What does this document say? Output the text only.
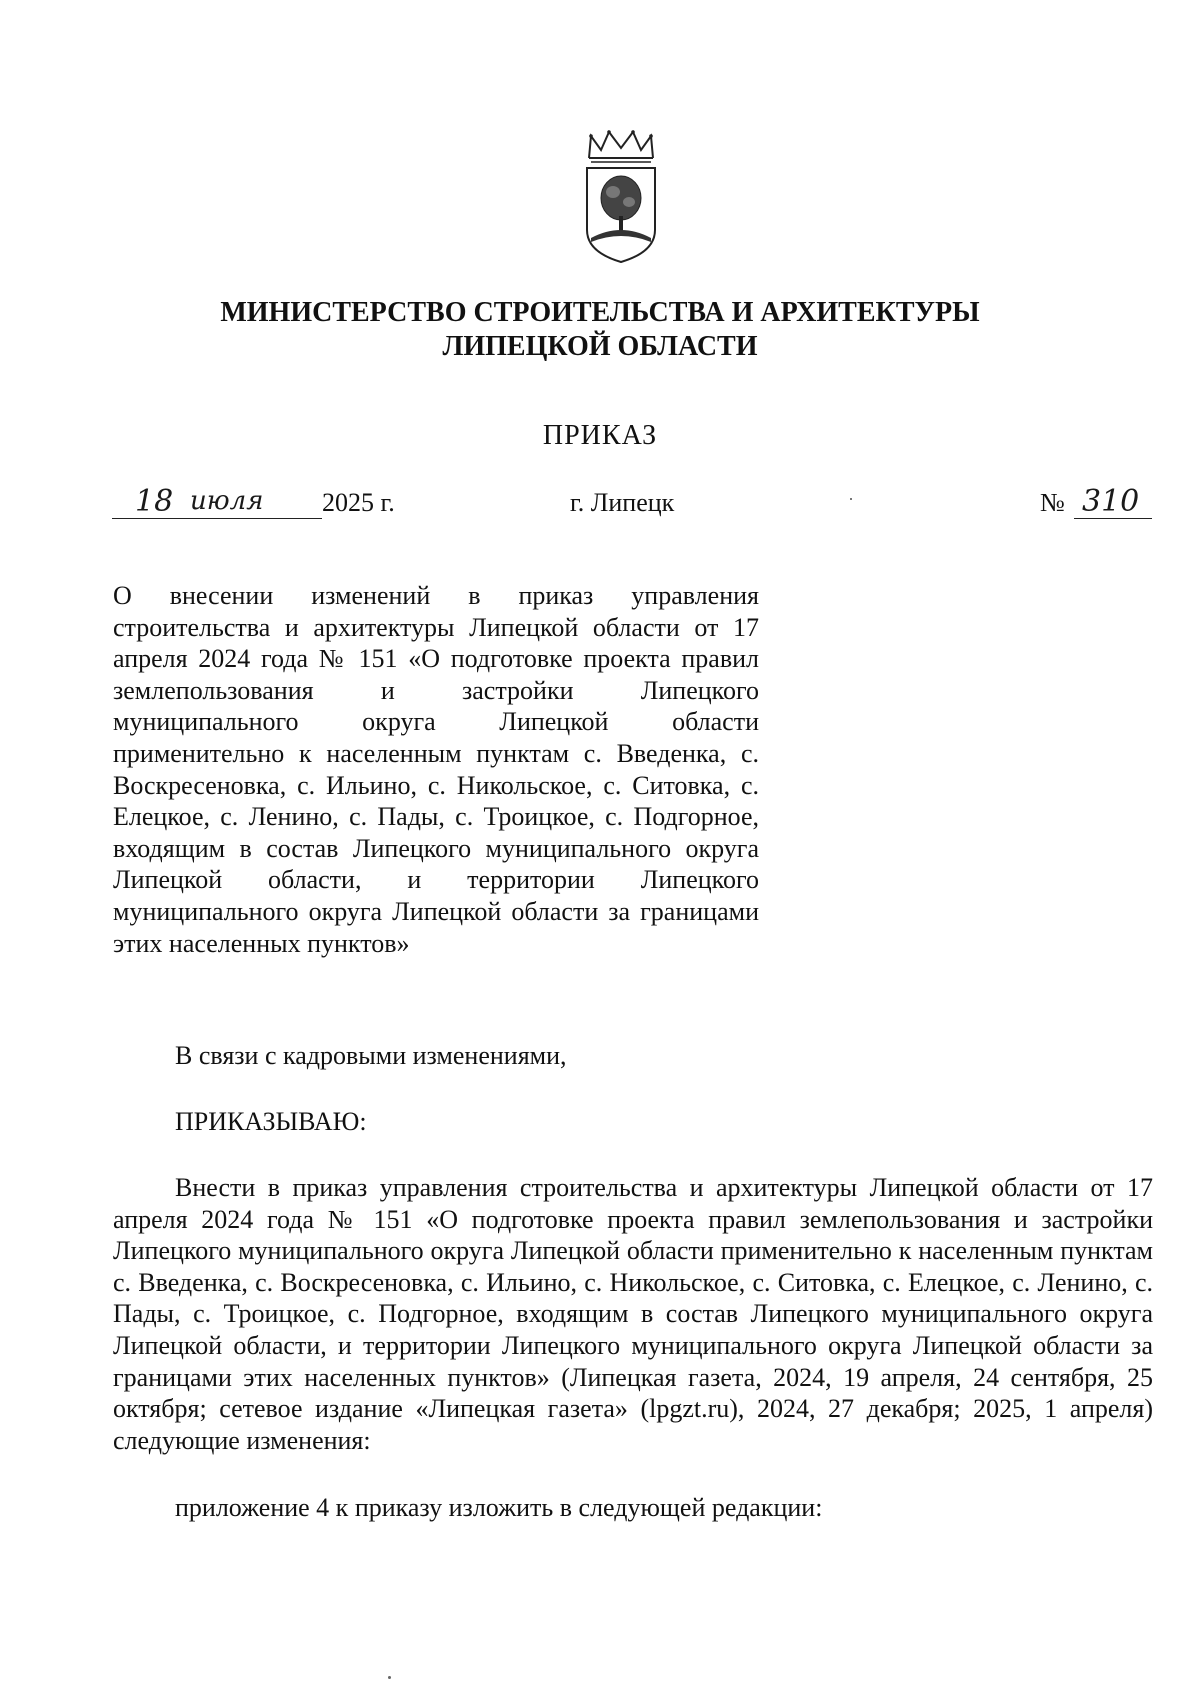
МИНИСТЕРСТВО СТРОИТЕЛЬСТВА И АРХИТЕКТУРЫ
ЛИПЕЦКОЙ ОБЛАСТИ
ПРИКАЗ
18 июля 2025 г.	г. Липецк	№ 310
О внесении изменений в приказ управления строительства и архитектуры Липецкой области от 17 апреля 2024 года № 151 «О подготовке проекта правил землепользования и застройки Липецкого муниципального округа Липецкой области применительно к населенным пунктам с. Введенка, с. Воскресеновка, с. Ильино, с. Никольское, с. Ситовка, с. Елецкое, с. Ленино, с. Пады, с. Троицкое, с. Подгорное, входящим в состав Липецкого муниципального округа Липецкой области, и территории Липецкого муниципального округа Липецкой области за границами этих населенных пунктов»
В связи с кадровыми изменениями,
ПРИКАЗЫВАЮ:
Внести в приказ управления строительства и архитектуры Липецкой области от 17 апреля 2024 года № 151 «О подготовке проекта правил землепользования и застройки Липецкого муниципального округа Липецкой области применительно к населенным пунктам с. Введенка, с. Воскресеновка, с. Ильино, с. Никольское, с. Ситовка, с. Елецкое, с. Ленино, с. Пады, с. Троицкое, с. Подгорное, входящим в состав Липецкого муниципального округа Липецкой области, и территории Липецкого муниципального округа Липецкой области за границами этих населенных пунктов» (Липецкая газета, 2024, 19 апреля, 24 сентября, 25 октября; сетевое издание «Липецкая газета» (lpgzt.ru), 2024, 27 декабря; 2025, 1 апреля) следующие изменения:
приложение 4 к приказу изложить в следующей редакции:
